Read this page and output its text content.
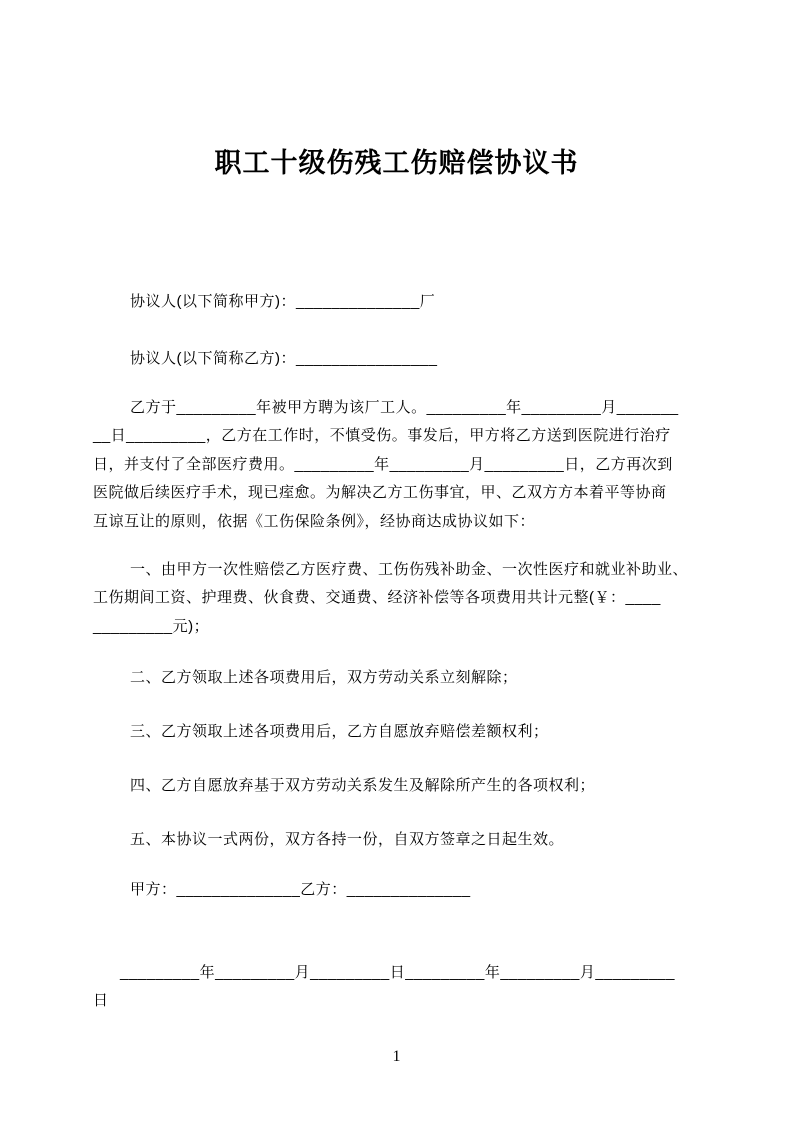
职工十级伤残工伤赔偿协议书

协议人(以下简称甲方)：______________厂

协议人(以下简称乙方)：________________

乙方于_________年被甲方聘为该厂工人。_________年_________月_______
__日_________，乙方在工作时，不慎受伤。事发后，甲方将乙方送到医院进行治疗
日，并支付了全部医疗费用。_________年_________月_________日，乙方再次到
医院做后续医疗手术，现已痓愈。为解决乙方工伤事宜，甲、乙双方方本着平等协商
互谅互让的原则，依据《工伤保险条例》，经协商达成协议如下：
一、由甲方一次性赔偿乙方医疗费、工伤伤残补助金、一次性医疗和就业补助业、
工伤期间工资、护理费、伙食费、交通费、经济补偿等各项费用共计元整(￥：____
_________元)；
二、乙方领取上述各项费用后，双方劳动关系立刻解除；
三、乙方领取上述各项费用后，乙方自愿放弃赔偿差额权利；
四、乙方自愿放弃基于双方劳动关系发生及解除所产生的各项权利；
五、本协议一式两份，双方各持一份，自双方签章之日起生效。

甲方：______________乙方：______________

_________年_________月_________日_________年_________月_________
日
1
